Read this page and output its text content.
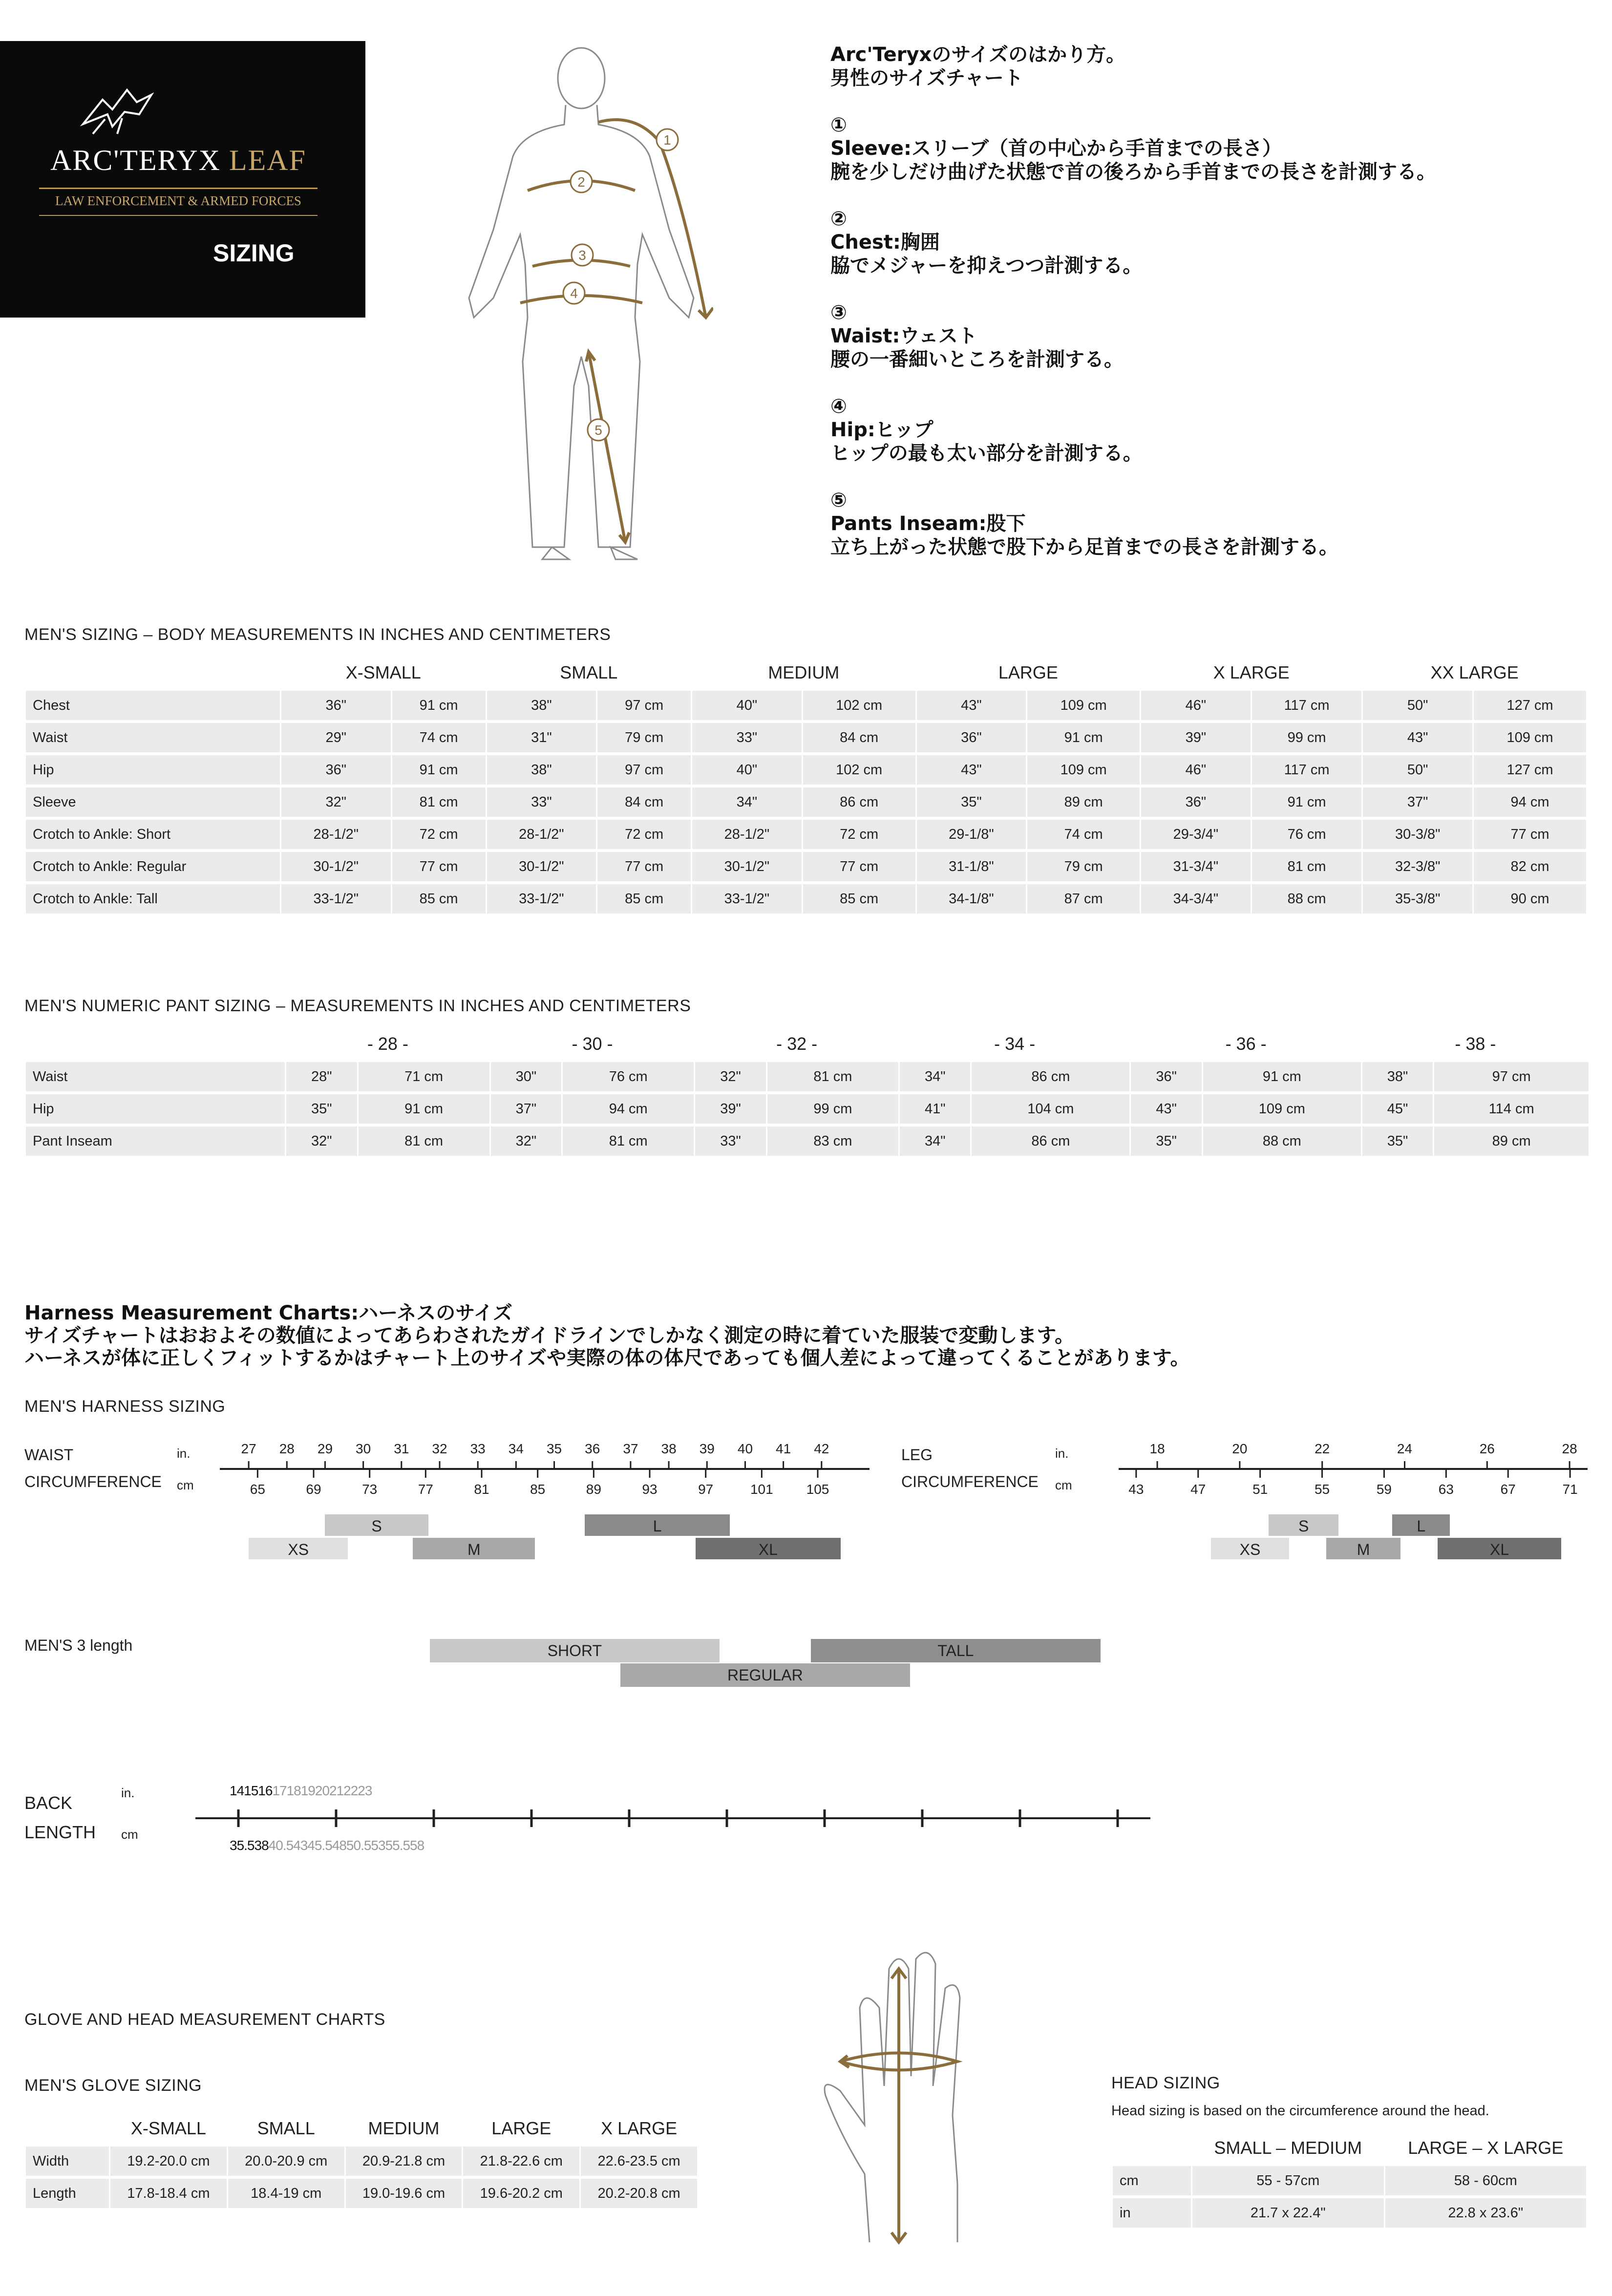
ARC'TERYX LEAF
LAW ENFORCEMENT & ARMED FORCES
SIZING
1
2
3
4
5
Arc'Teryxのサイズのはかり方。
男性のサイズチャート
①
Sleeve:スリーブ（首の中心から手首までの長さ）
腕を少しだけ曲げた状態で首の後ろから手首までの長さを計測する。
②
Chest:胸囲
脇でメジャーを抑えつつ計測する。
③
Waist:ウェスト
腰の一番細いところを計測する。
④
Hip:ヒップ
ヒップの最も太い部分を計測する。
⑤
Pants Inseam:股下
立ち上がった状態で股下から足首までの長さを計測する。
MEN'S SIZING – BODY MEASUREMENTS IN INCHES AND CENTIMETERS
	X-SMALL		SMALL		MEDIUM		LARGE		X LARGE		XX LARGE	
Chest	36"	91 cm	38"	97 cm	40"	102 cm	43"	109 cm	46"	117 cm	50"	127 cm
Waist	29"	74 cm	31"	79 cm	33"	84 cm	36"	91 cm	39"	99 cm	43"	109 cm
Hip	36"	91 cm	38"	97 cm	40"	102 cm	43"	109 cm	46"	117 cm	50"	127 cm
Sleeve	32"	81 cm	33"	84 cm	34"	86 cm	35"	89 cm	36"	91 cm	37"	94 cm
Crotch to Ankle: Short	28-1/2"	72 cm	28-1/2"	72 cm	28-1/2"	72 cm	29-1/8"	74 cm	29-3/4"	76 cm	30-3/8"	77 cm
Crotch to Ankle: Regular	30-1/2"	77 cm	30-1/2"	77 cm	30-1/2"	77 cm	31-1/8"	79 cm	31-3/4"	81 cm	32-3/8"	82 cm
Crotch to Ankle: Tall	33-1/2"	85 cm	33-1/2"	85 cm	33-1/2"	85 cm	34-1/8"	87 cm	34-3/4"	88 cm	35-3/8"	90 cm
MEN'S NUMERIC PANT SIZING – MEASUREMENTS IN INCHES AND CENTIMETERS
	- 28 -		- 30 -		- 32 -		- 34 -		- 36 -		- 38 -	
Waist	28"	71 cm	30"	76 cm	32"	81 cm	34"	86 cm	36"	91 cm	38"	97 cm
Hip	35"	91 cm	37"	94 cm	39"	99 cm	41"	104 cm	43"	109 cm	45"	114 cm
Pant Inseam	32"	81 cm	32"	81 cm	33"	83 cm	34"	86 cm	35"	88 cm	35"	89 cm
Harness Measurement Charts:ハーネスのサイズ
サイズチャートはおおよその数値によってあらわされたガイドラインでしかなく測定の時に着ていた服装で変動します。
ハーネスが体に正しくフィットするかはチャート上のサイズや実際の体の体尺であっても個人差によって違ってくることがあります。
MEN'S HARNESS SIZING
WAIST
CIRCUMFERENCE
in.
cm
27	28	29	30	31	32	33	34	35	36	37	38	39	40	41	42
65	69	73	77	81	85	89	93	97	101 105
S	L
XS	M	XL
LEG
CIRCUMFERENCE
in.
cm
18	20	22	24	26	28
43	47	51	55	59	63	67	71
S	L
XS	M	XL
MEN'S 3 length	SHORT	TALL
REGULAR
BACK
LENGTH
in.
cm
14151617181920212223
35.53840.54345.54850.55355.558
GLOVE AND HEAD MEASUREMENT CHARTS
MEN'S GLOVE SIZING
	X-SMALL	SMALL	MEDIUM	LARGE	X LARGE
Width	19.2-20.0 cm	20.0-20.9 cm	20.9-21.8 cm	21.8-22.6 cm	22.6-23.5 cm
Length	17.8-18.4 cm	18.4-19 cm	19.0-19.6 cm	19.6-20.2 cm	20.2-20.8 cm
HEAD SIZING
Head sizing is based on the circumference around the head.
	SMALL – MEDIUM	LARGE – X LARGE
cm	55 - 57cm	58 - 60cm
in	21.7 x 22.4"	22.8 x 23.6"
